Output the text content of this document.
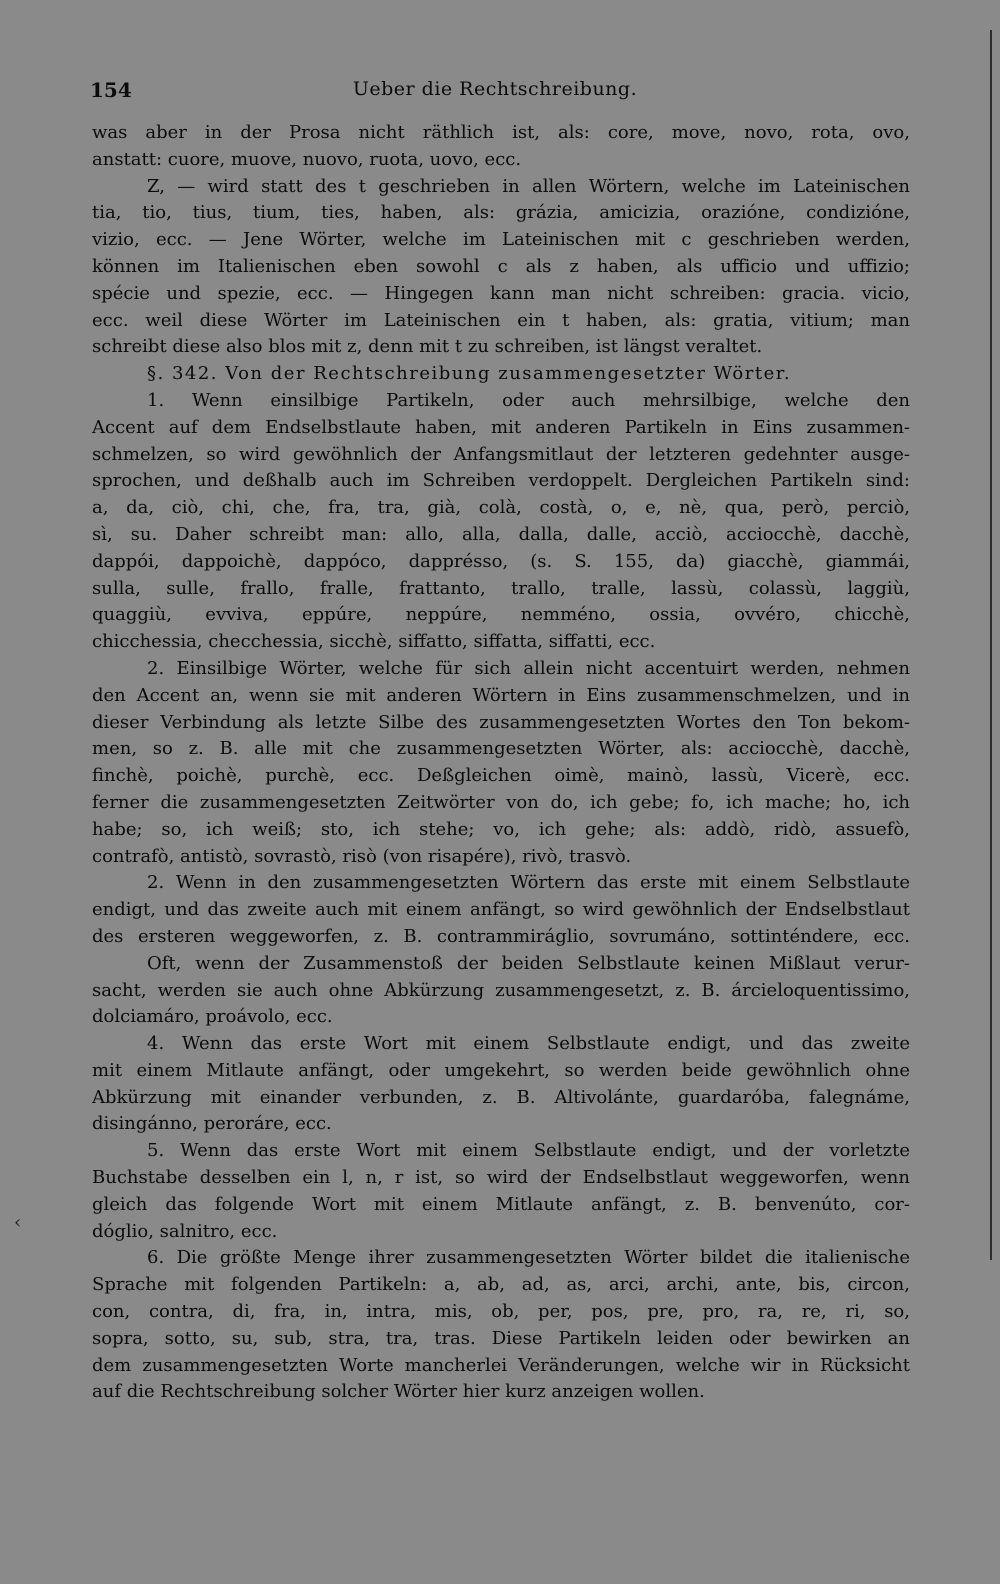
‹
154	Ueber die Rechtschreibung.
was aber in der Prosa nicht räthlich ist, als: core, move, novo, rota, ovo,
anstatt: cuore, muove, nuovo, ruota, uovo, ecc.
Z, — wird statt des t geschrieben in allen Wörtern, welche im Lateinischen
tia, tio, tius, tium, ties, haben, als: grázia, amicizia, orazióne, condizióne,
vizio, ecc. — Jene Wörter, welche im Lateinischen mit c geschrieben werden,
können im Italienischen eben sowohl c als z haben, als ufficio und uffizio;
spécie und spezie, ecc. — Hingegen kann man nicht schreiben: gracia. vicio,
ecc. weil diese Wörter im Lateinischen ein t haben, als: gratia, vitium; man
schreibt diese also blos mit z, denn mit t zu schreiben, ist längst veraltet.
§. 342. Von der Rechtschreibung zusammengesetzter Wörter.
1. Wenn einsilbige Partikeln, oder auch mehrsilbige, welche den
Accent auf dem Endselbstlaute haben, mit anderen Partikeln in Eins zusammen-
schmelzen, so wird gewöhnlich der Anfangsmitlaut der letzteren gedehnter ausge-
sprochen, und deßhalb auch im Schreiben verdoppelt. Dergleichen Partikeln sind:
a, da, ciò, chi, che, fra, tra, già, colà, costà, o, e, nè, qua, però, perciò,
sì, su. Daher schreibt man: allo, alla, dalla, dalle, acciò, acciocchè, dacchè,
dappói, dappoichè, dappóco, dapprésso, (s. S. 155, da) giacchè, giammái,
sulla, sulle, frallo, fralle, frattanto, trallo, tralle, lassù, colassù, laggiù,
quaggiù, evviva, eppúre, neppúre, nemméno, ossia, ovvéro, chicchè,
chicchessia, checchessia, sicchè, siffatto, siffatta, siffatti, ecc.
2. Einsilbige Wörter, welche für sich allein nicht accentuirt werden, nehmen
den Accent an, wenn sie mit anderen Wörtern in Eins zusammenschmelzen, und in
dieser Verbindung als letzte Silbe des zusammengesetzten Wortes den Ton bekom-
men, so z. B. alle mit che zusammengesetzten Wörter, als: acciocchè, dacchè,
finchè, poichè, purchè, ecc. Deßgleichen oimè, mainò, lassù, Vicerè, ecc.
ferner die zusammengesetzten Zeitwörter von do, ich gebe; fo, ich mache; ho, ich
habe; so, ich weiß; sto, ich stehe; vo, ich gehe; als: addò, ridò, assuefò,
contrafò, antistò, sovrastò, risò (von risapére), rivò, trasvò.
2. Wenn in den zusammengesetzten Wörtern das erste mit einem Selbstlaute
endigt, und das zweite auch mit einem anfängt, so wird gewöhnlich der Endselbstlaut
des ersteren weggeworfen, z. B. contrammiráglio, sovrumáno, sottinténdere, ecc.
Oft, wenn der Zusammenstoß der beiden Selbstlaute keinen Mißlaut verur-
sacht, werden sie auch ohne Abkürzung zusammengesetzt, z. B. árcieloquentissimo,
dolciamáro, proávolo, ecc.
4. Wenn das erste Wort mit einem Selbstlaute endigt, und das zweite
mit einem Mitlaute anfängt, oder umgekehrt, so werden beide gewöhnlich ohne
Abkürzung mit einander verbunden, z. B. Altivolánte, guardaróba, falegnáme,
disingánno, peroráre, ecc.
5. Wenn das erste Wort mit einem Selbstlaute endigt, und der vorletzte
Buchstabe desselben ein l, n, r ist, so wird der Endselbstlaut weggeworfen, wenn
gleich das folgende Wort mit einem Mitlaute anfängt, z. B. benvenúto, cor-
dóglio, salnitro, ecc.
6. Die größte Menge ihrer zusammengesetzten Wörter bildet die italienische
Sprache mit folgenden Partikeln: a, ab, ad, as, arci, archi, ante, bis, circon,
con, contra, di, fra, in, intra, mis, ob, per, pos, pre, pro, ra, re, ri, so,
sopra, sotto, su, sub, stra, tra, tras. Diese Partikeln leiden oder bewirken an
dem zusammengesetzten Worte mancherlei Veränderungen, welche wir in Rücksicht
auf die Rechtschreibung solcher Wörter hier kurz anzeigen wollen.
